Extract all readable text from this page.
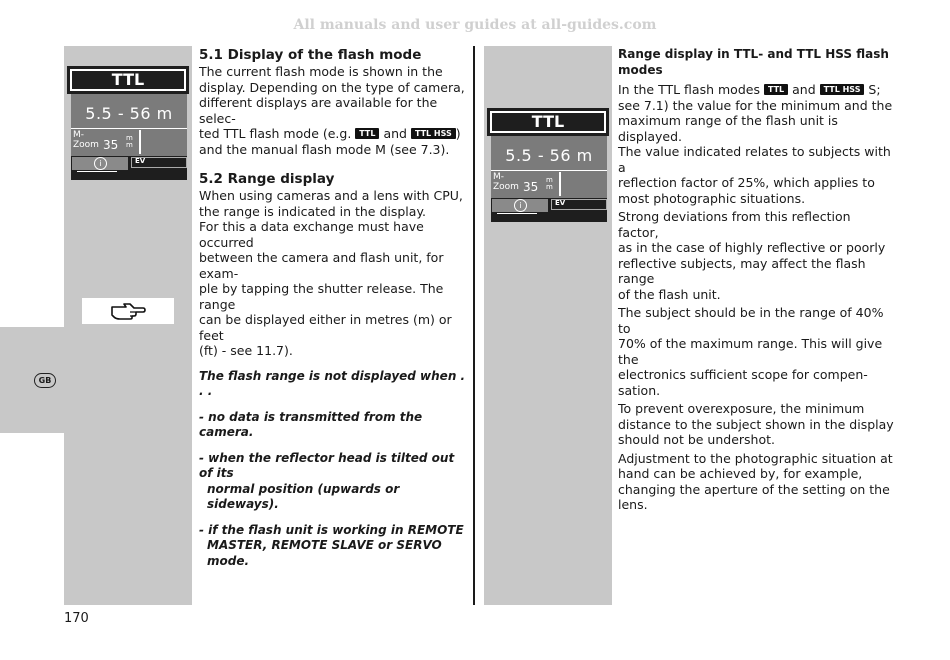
All manuals and user guides at all-guides.com
GB
TTL
5.5 - 56 m
M-
Zoom 35 m
m
i	EV
TTL
5.5 - 56 m
M-
Zoom 35 m
m
i	EV
5.1 Display of the flash mode

The current flash mode is shown in the

display. Depending on the type of camera,

different displays are available for the selec-

ted TTL flash mode (e.g. TTL and TTL HSS )

and the manual flash mode M (see 7.3).

5.2 Range display

When using cameras and a lens with CPU,

the range is indicated in the display.

For this a data exchange must have occurred

between the camera and flash unit, for exam-

ple by tapping the shutter release. The range

can be displayed either in metres (m) or feet

(ft) - see 11.7).

The flash range is not displayed when . . .

- no data is transmitted from the camera.

- when the reflector head is tilted out of its

normal position (upwards or sideways).

- if the flash unit is working in REMOTE

MASTER, REMOTE SLAVE or SERVO mode.

Range display in TTL- and TTL HSS flash
modes

In the TTL flash modes TTL and TTL HSS S;

see 7.1) the value for the minimum and the

maximum range of the flash unit is displayed.

The value indicated relates to subjects with a

reflection factor of 25%, which applies to

most photographic situations.

Strong deviations from this reflection factor,

as in the case of highly reflective or poorly

reflective subjects, may affect the flash range

of the flash unit.

The subject should be in the range of 40% to

70% of the maximum range. This will give the

electronics sufficient scope for compen-

sation.

To prevent overexposure, the minimum

distance to the subject shown in the display

should not be undershot.

Adjustment to the photographic situation at

hand can be achieved by, for example,

changing the aperture of the setting on the

lens.

170
